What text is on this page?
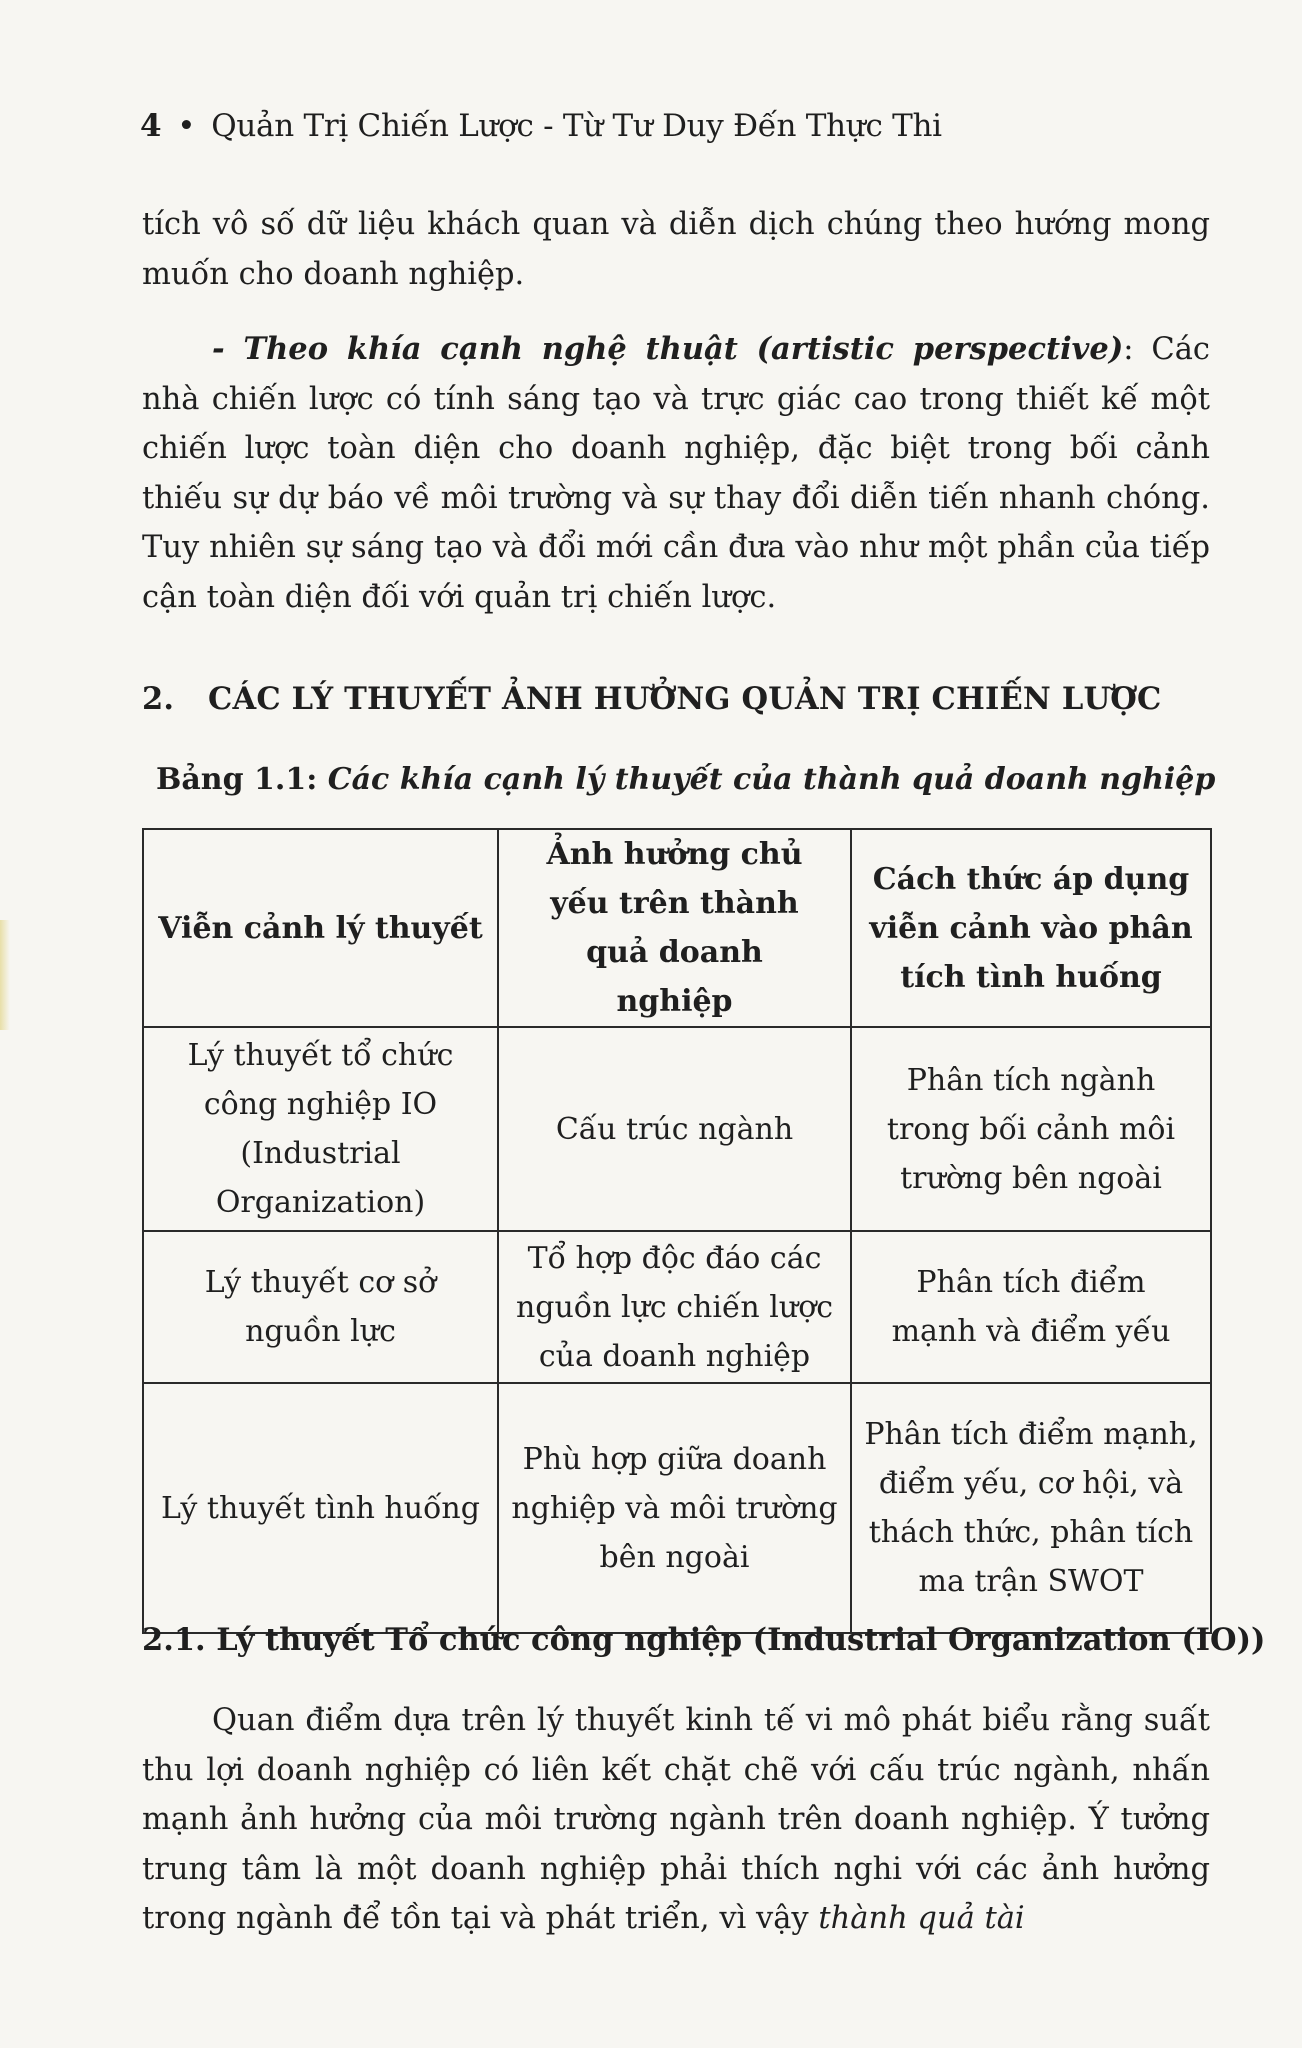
4 • Quản Trị Chiến Lược - Từ Tư Duy Đến Thực Thi
tích vô số dữ liệu khách quan và diễn dịch chúng theo hướng mong muốn cho doanh nghiệp.
- Theo khía cạnh nghệ thuật (artistic perspective): Các nhà chiến lược có tính sáng tạo và trực giác cao trong thiết kế một chiến lược toàn diện cho doanh nghiệp, đặc biệt trong bối cảnh thiếu sự dự báo về môi trường và sự thay đổi diễn tiến nhanh chóng. Tuy nhiên sự sáng tạo và đổi mới cần đưa vào như một phần của tiếp cận toàn diện đối với quản trị chiến lược.
2. CÁC LÝ THUYẾT ẢNH HƯỞNG QUẢN TRỊ CHIẾN LƯỢC
Bảng 1.1: Các khía cạnh lý thuyết của thành quả doanh nghiệp
Viễn cảnh lý thuyết	Ảnh hưởng chủ yếu trên thành quả doanh nghiệp	Cách thức áp dụng viễn cảnh vào phân tích tình huống
Lý thuyết tổ chức công nghiệp IO (Industrial Organization)	Cấu trúc ngành	Phân tích ngành trong bối cảnh môi trường bên ngoài
Lý thuyết cơ sở nguồn lực	Tổ hợp độc đáo các nguồn lực chiến lược của doanh nghiệp	Phân tích điểm mạnh và điểm yếu
Lý thuyết tình huống	Phù hợp giữa doanh nghiệp và môi trường bên ngoài	Phân tích điểm mạnh, điểm yếu, cơ hội, và thách thức, phân tích ma trận SWOT
2.1. Lý thuyết Tổ chức công nghiệp (Industrial Organization (IO))
Quan điểm dựa trên lý thuyết kinh tế vi mô phát biểu rằng suất thu lợi doanh nghiệp có liên kết chặt chẽ với cấu trúc ngành, nhấn mạnh ảnh hưởng của môi trường ngành trên doanh nghiệp. Ý tưởng trung tâm là một doanh nghiệp phải thích nghi với các ảnh hưởng trong ngành để tồn tại và phát triển, vì vậy thành quả tài
